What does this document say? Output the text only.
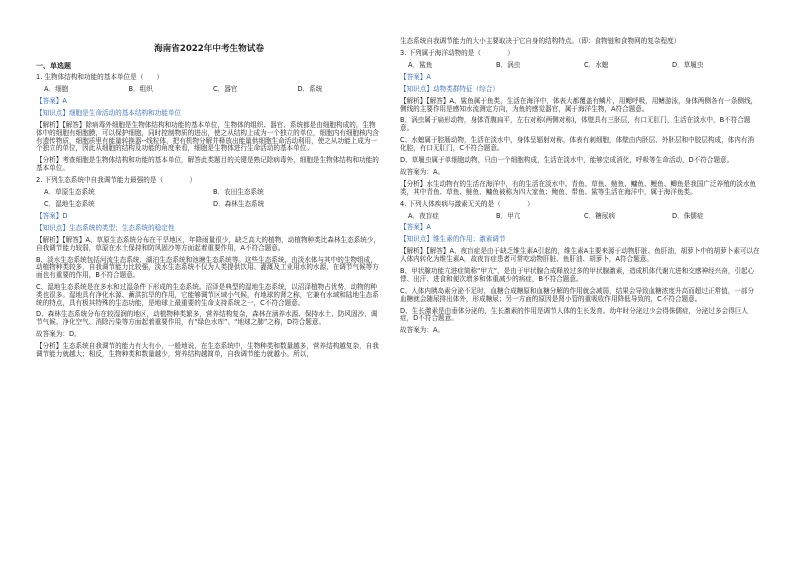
海南省2022年中考生物试卷
一、单选题
1. 生物体结构和功能的基本单位是（　　）
A．细胞	B．组织	C．器官	D．系统
【答案】A
【知识点】细胞是生命活动的基本结构和功能单位
【解析】【解答】除病毒外细胞是生物体结构和功能的基本单位，生物体的组织、器官、系统都是由细胞构成的，生物体中的细胞有细胞膜，可以保护细胞，同时控制物质的进出，使之从结构上成为一个独立的单位，细胞内有细胞核内含有遗传物质，细胞质里有能量转换器--线粒体，把有机物分解并释放出能量供细胞生命活动利用，使之从功能上成为一个独立的单位，因此从细胞的结构及功能的角度来看，细胞是生物体进行生命活动的基本单位。
【分析】考查细胞是生物体结构和功能的基本单位，解答此类题目的关键是熟记除病毒外，细胞是生物体结构和功能的基本单位。
2. 下列生态系统中自我调节能力最强的是（　　　　）
A．草原生态系统	B．农田生态系统
C．湿地生态系统	D．森林生态系统
【答案】D
【知识点】生态系统的类型；生态系统的稳定性
【解析】【解答】A、草原生态系统分布在干旱地区，年降雨量很少，缺乏高大的植物，动植物种类比森林生态系统少，自我调节能力较弱，草原在水土保持和防风固沙等方面起着重要作用，A不符合题意。
B、淡水生态系统包括河流生态系统、湖泊生态系统和池塘生态系统等。这些生态系统，由淡水体与其中的生物组成，动植物种类较多，自我调节能力比较强，淡水生态系统不仅为人类提供饮用、灌溉及工业用水的水源，在调节气候等方面也有重要的作用，B不符合题意。
C、湿地生态系统是在多水和过湿条件下形成的生态系统。沼泽是典型的湿地生态系统，以沼泽植物占优势，动物的种类也很多。湿地具有净化水源、蓄洪抗旱的作用，它能够调节区域小气候，有地球的肾之称，它兼有水域和陆地生态系统的特点，具有极其特殊的生态功能，是地球上最重要的生命支持系统之一，C不符合题意。
D、森林生态系统分布在较湿润的地区，动植物种类繁多，营养结构复杂，森林在涵养水源、保持水土、防风固沙、调节气候、净化空气、消除污染等方面起着重要作用，有“绿色水库”、“地球之肺”之称，D符合题意。
故答案为：D。
【分析】生态系统自我调节的能力有大有小，一般地说，在生态系统中，生物种类和数量越多，营养结构越复杂，自我调节能力就越大；相反，生物种类和数量越少，营养结构越简单，自我调节能力就越小。所以，
生态系统自我调节能力的大小主要取决于它自身的结构特点。（即：食物链和食物网的复杂程度）
3. 下列属于海洋动物的是（　　　　）
A．鲨鱼	B．涡虫	C．水螅	D．草履虫
【答案】A
【知识点】动物类群特征（综合）
【解析】【解答】A、鲨鱼属于鱼类，生活在海洋中，体表大都覆盖有鳞片，用鳃呼吸，用鳍游泳，身体两侧各有一条侧线，侧线的主要作用是感知水流测定方向，为鱼的感觉器官，属于海洋生物，A符合题意。
B、涡虫属于扁形动物，身体背腹扁平，左右对称(两侧对称)，体壁具有三胚层，有口无肛门，生活在淡水中，B不符合题意。
C、水螅属于腔肠动物，生活在淡水中，身体呈辐射对称，体表有刺细胞，体壁由内胚层、外胚层和中胶层构成，体内有消化腔，有口无肛门，C不符合题意。
D、草履虫属于单细胞动物，只由一个细胞构成，生活在淡水中，能够完成消化，呼吸等生命活动，D不符合题意。
故答案为：A。
【分析】水生动物有的生活在海洋中，有的生活在淡水中。青鱼、草鱼、鲢鱼、鳙鱼、鲤鱼、鲫鱼是我国广泛养殖的淡水鱼类，其中青鱼、草鱼、鲢鱼、鳙鱼被称为四大家鱼；鲍鱼、带鱼、鲨等生活在海洋中，属于海洋鱼类。
4. 下列人体疾病与激素无关的是（　　　　）
A．夜盲症	B．甲亢	C．糖尿病	D．侏儒症
【答案】A
【知识点】维生素的作用；激素调节
【解析】【解答】A、夜盲症是由于缺乏维生素A引起的，维生素A主要来源于动物肝脏、鱼肝油，胡萝卜中的胡萝卜素可以在人体内转化为维生素A，故夜盲症患者可常吃动物肝脏、鱼肝油、胡萝卜，A符合题意。
B、甲状腺功能亢进症简称“甲亢”，是由于甲状腺合成释放过多的甲状腺激素，造成机体代谢亢进和交感神经兴奋，引起心悸、出汗、进食和便次增多和体重减少的病症，B不符合题意。
C、人体内胰岛素分泌不足时，血糖合成糖原和血糖分解的作用就会减弱，结果会导致血糖浓度升高而超过正常值，一部分血糖就会随尿排出体外，形成糖尿；另一方面的原因是肾小管的重吸收作用降低导致的，C不符合题意。
D、生长激素是由垂体分泌的，生长激素的作用是调节人体的生长发育。幼年时分泌过少会得侏儒症，分泌过多会得巨人症，D不符合题意。
故答案为：A。
